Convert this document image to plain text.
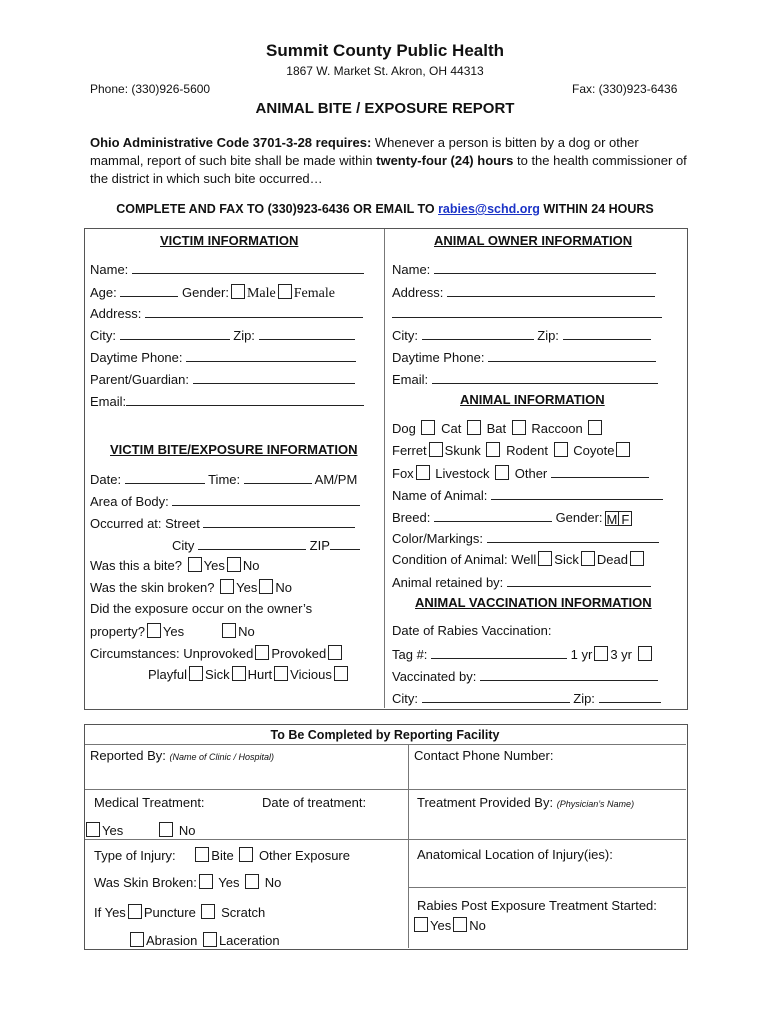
Summit County Public Health
1867 W. Market St. Akron, OH 44313
Phone: (330)926-5600	Fax: (330)923-6436
ANIMAL BITE / EXPOSURE REPORT
Ohio Administrative Code 3701-3-28 requires: Whenever a person is bitten by a dog or other mammal, report of such bite shall be made within twenty-four (24) hours to the health commissioner of the district in which such bite occurred…
COMPLETE AND FAX TO (330)923-6436 OR EMAIL TO rabies@schd.org WITHIN 24 HOURS
VICTIM INFORMATION
Name:
Age:	Gender: Male Female
Address:
City:	Zip:
Daytime Phone:
Parent/Guardian:
Email:
VICTIM BITE/EXPOSURE INFORMATION
Date:	Time:	AM/PM
Area of Body:
Occurred at: Street
City	ZIP
Was this a bite? Yes No
Was the skin broken? Yes No
Did the exposure occur on the owner’s
property? Yes	No
Circumstances: Unprovoked Provoked
Playful Sick Hurt Vicious
ANIMAL OWNER INFORMATION
Name:
Address:
City:	Zip:
Daytime Phone:
Email:
ANIMAL INFORMATION
Dog Cat Bat Raccoon
Ferret Skunk Rodent Coyote
Fox Livestock Other
Name of Animal:
Breed:	Gender: M F
Color/Markings:
Condition of Animal: Well Sick Dead
Animal retained by:
ANIMAL VACCINATION INFORMATION
Date of Rabies Vaccination:
Tag #:	1 yr 3 yr
Vaccinated by:
City:	Zip:
To Be Completed by Reporting Facility
Reported By: (Name of Clinic / Hospital)	Contact Phone Number:
Medical Treatment:	Date of treatment:	Treatment Provided By: (Physician’s Name)
Yes	No
Type of Injury:	Bite Other Exposure	Anatomical Location of Injury(ies):
Was Skin Broken: Yes No
Rabies Post Exposure Treatment Started:
Yes No
If Yes Puncture Scratch
Abrasion Laceration
